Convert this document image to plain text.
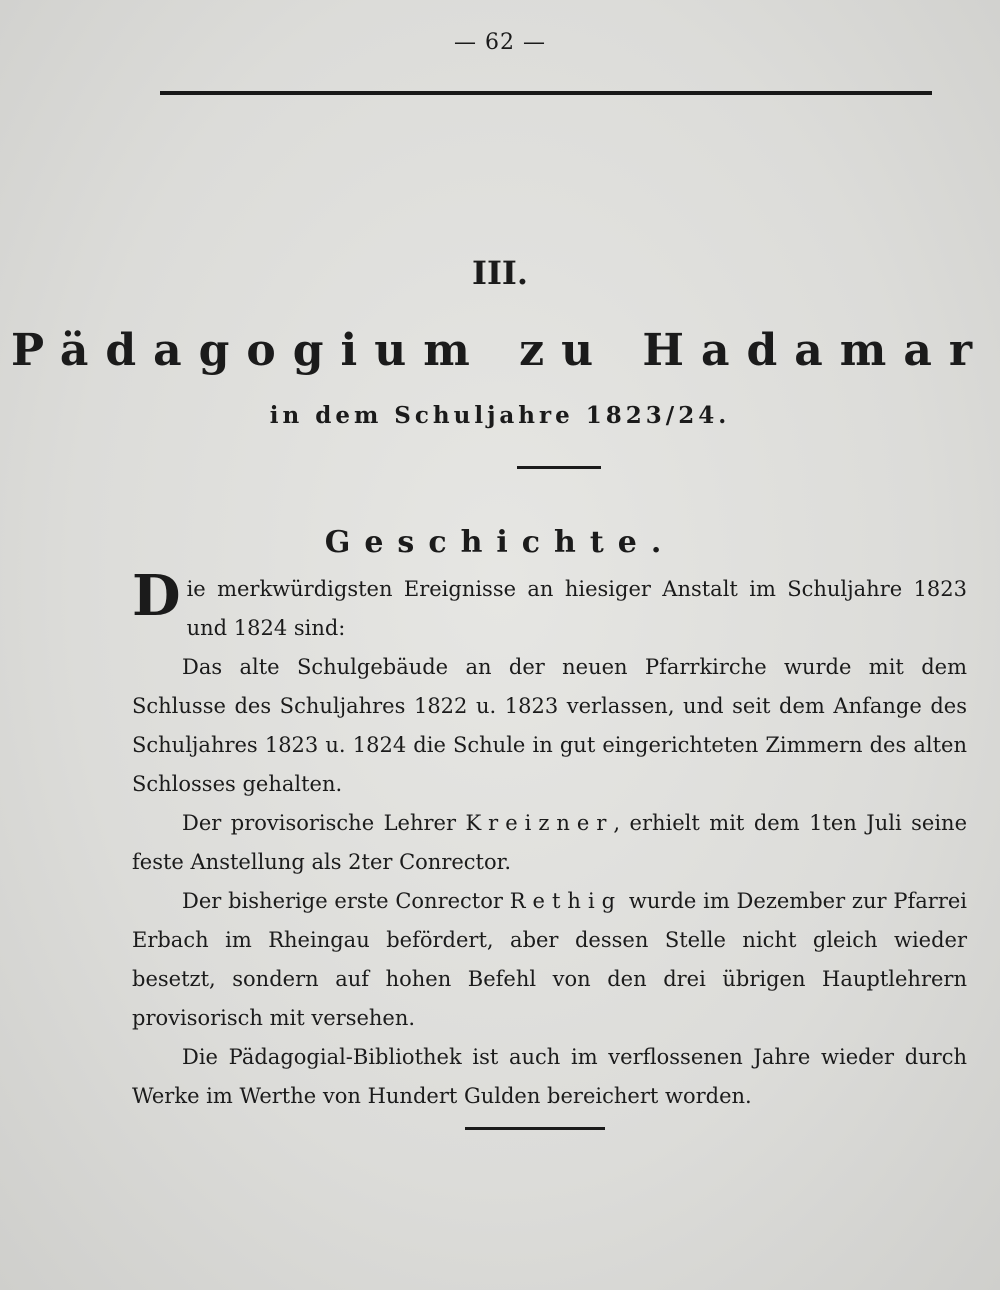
— 62 —
III.
Pädagogium zu Hadamar
in dem Schuljahre 1823/24.
Geschichte.

Die merkwürdigsten Ereignisse an hiesiger Anstalt im Schuljahre 1823 und 1824 sind:

Das alte Schulgebäude an der neuen Pfarrkirche wurde mit dem Schlusse des Schuljahres 1822 u. 1823 verlassen, und seit dem Anfange des Schuljahres 1823 u. 1824 die Schule in gut eingerichteten Zimmern des alten Schlosses gehalten.

Der provisorische Lehrer Kreizner, erhielt mit dem 1ten Juli seine feste Anstellung als 2ter Conrector.

Der bisherige erste Conrector Rethig wurde im Dezember zur Pfarrei Erbach im Rheingau befördert, aber dessen Stelle nicht gleich wieder besetzt, sondern auf hohen Befehl von den drei übrigen Hauptlehrern provisorisch mit versehen.

Die Pädagogial-Bibliothek ist auch im verflossenen Jahre wieder durch Werke im Werthe von Hundert Gulden bereichert worden.
